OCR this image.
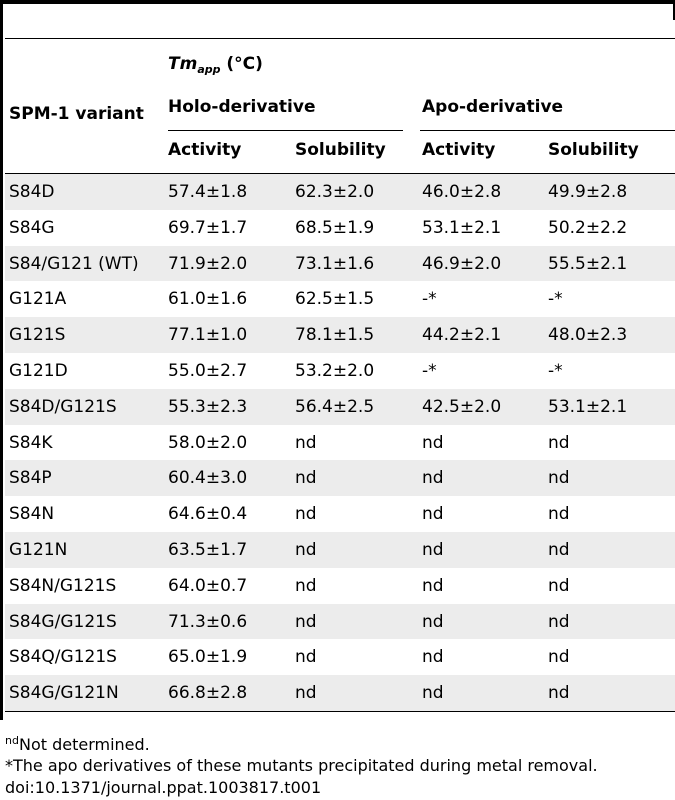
$Tm_{app}$ (°C)
SPM-1 variant Holo-derivative	Apo-derivative
Activity	Solubility Activity	Solubility
S84D	57.4±1.8	62.3±2.0	46.0±2.8	49.9±2.8
S84G	69.7±1.7	68.5±1.9	53.1±2.1	50.2±2.2
S84/G121 (WT) 71.9±2.0	73.1±1.6	46.9±2.0	55.5±2.1
G121A	61.0±1.6	62.5±1.5	-*	-*
G121S	77.1±1.0	78.1±1.5	44.2±2.1	48.0±2.3
G121D	55.0±2.7	53.2±2.0	-*	-*
S84D/G121S	55.3±2.3	56.4±2.5	42.5±2.0	53.1±2.1
S84K	58.0±2.0	nd	nd	nd
S84P	60.4±3.0	nd	nd	nd
S84N	64.6±0.4	nd	nd	nd
G121N	63.5±1.7	nd	nd	nd
S84N/G121S	64.0±0.7	nd	nd	nd
S84G/G121S	71.3±0.6	nd	nd	nd
S84Q/G121S	65.0±1.9	nd	nd	nd
S84G/G121N	66.8±2.8	nd	nd	nd
$^{nd}$Not determined.
*The apo derivatives of these mutants precipitated during metal removal.
doi:10.1371/journal.ppat.1003817.t001
